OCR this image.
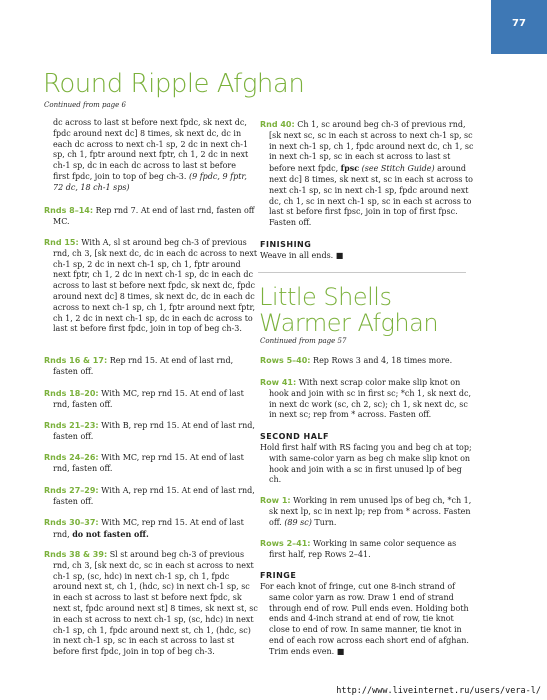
77
Round Ripple Afghan
Continued from page 6

dc across to last st before next fpdc, sk next dc, fpdc around next dc] 8 times, sk next dc, dc in each dc across to next ch-1 sp, 2 dc in next ch-1 sp, ch 1, fptr around next fptr, ch 1, 2 dc in next ch-1 sp, dc in each dc across to last st before first fpdc, join to top of beg ch-3. (9 fpdc, 9 fptr, 72 dc, 18 ch-1 sps)

Rnds 8–14: Rep rnd 7. At end of last rnd, fasten off MC.

Rnd 15: With A, sl st around beg ch-3 of previous rnd, ch 3, [sk next dc, dc in each dc across to next ch-1 sp, 2 dc in next ch-1 sp, ch 1, fptr around next fptr, ch 1, 2 dc in next ch-1 sp, dc in each dc across to last st before next fpdc, sk next dc, fpdc around next dc] 8 times, sk next dc, dc in each dc across to next ch-1 sp, ch 1, fptr around next fptr, ch 1, 2 dc in next ch-1 sp, dc in each dc across to last st before first fpdc, join in top of beg ch-3.

Rnds 16 & 17: Rep rnd 15. At end of last rnd, fasten off.

Rnds 18–20: With MC, rep rnd 15. At end of last rnd, fasten off.

Rnds 21–23: With B, rep rnd 15. At end of last rnd, fasten off.

Rnds 24–26: With MC, rep rnd 15. At end of last rnd, fasten off.

Rnds 27–29: With A, rep rnd 15. At end of last rnd, fasten off.

Rnds 30–37: With MC, rep rnd 15. At end of last rnd, do not fasten off.

Rnds 38 & 39: Sl st around beg ch-3 of previous rnd, ch 3, [sk next dc, sc in each st across to next ch-1 sp, (sc, hdc) in next ch-1 sp, ch 1, fpdc around next st, ch 1, (hdc, sc) in next ch-1 sp, sc in each st across to last st before next fpdc, sk next st, fpdc around next st] 8 times, sk next st, sc in each st across to next ch-1 sp, (sc, hdc) in next ch-1 sp, ch 1, fpdc around next st, ch 1, (hdc, sc) in next ch-1 sp, sc in each st across to last st before first fpdc, join in top of beg ch-3.

Rnd 40: Ch 1, sc around beg ch-3 of previous rnd, [sk next sc, sc in each st across to next ch-1 sp, sc in next ch-1 sp, ch 1, fpdc around next dc, ch 1, sc in next ch-1 sp, sc in each st across to last st before next fpdc, fpsc (see Stitch Guide) around next dc] 8 times, sk next st, sc in each st across to next ch-1 sp, sc in next ch-1 sp, fpdc around next dc, ch 1, sc in next ch-1 sp, sc in each st across to last st before first fpsc, join in top of first fpsc. Fasten off.

FINISHING

Weave in all ends. ■

Little Shells
Warmer Afghan
Continued from page 57

Rows 5–40: Rep Rows 3 and 4, 18 times more.

Row 41: With next scrap color make slip knot on hook and join with sc in first sc; *ch 1, sk next dc, in next dc work (sc, ch 2, sc); ch 1, sk next dc, sc in next sc; rep from * across. Fasten off.

SECOND HALF

Hold first half with RS facing you and beg ch at top; with same-color yarn as beg ch make slip knot on hook and join with a sc in first unused lp of beg ch.

Row 1: Working in rem unused lps of beg ch, *ch 1, sk next lp, sc in next lp; rep from * across. Fasten off. (89 sc) Turn.

Rows 2–41: Working in same color sequence as first half, rep Rows 2–41.

FRINGE

For each knot of fringe, cut one 8-inch strand of same color yarn as row. Draw 1 end of strand through end of row. Pull ends even. Holding both ends and 4-inch strand at end of row, tie knot close to end of row. In same manner, tie knot in end of each row across each short end of afghan. Trim ends even. ■

http://www.liveinternet.ru/users/vera-l/
